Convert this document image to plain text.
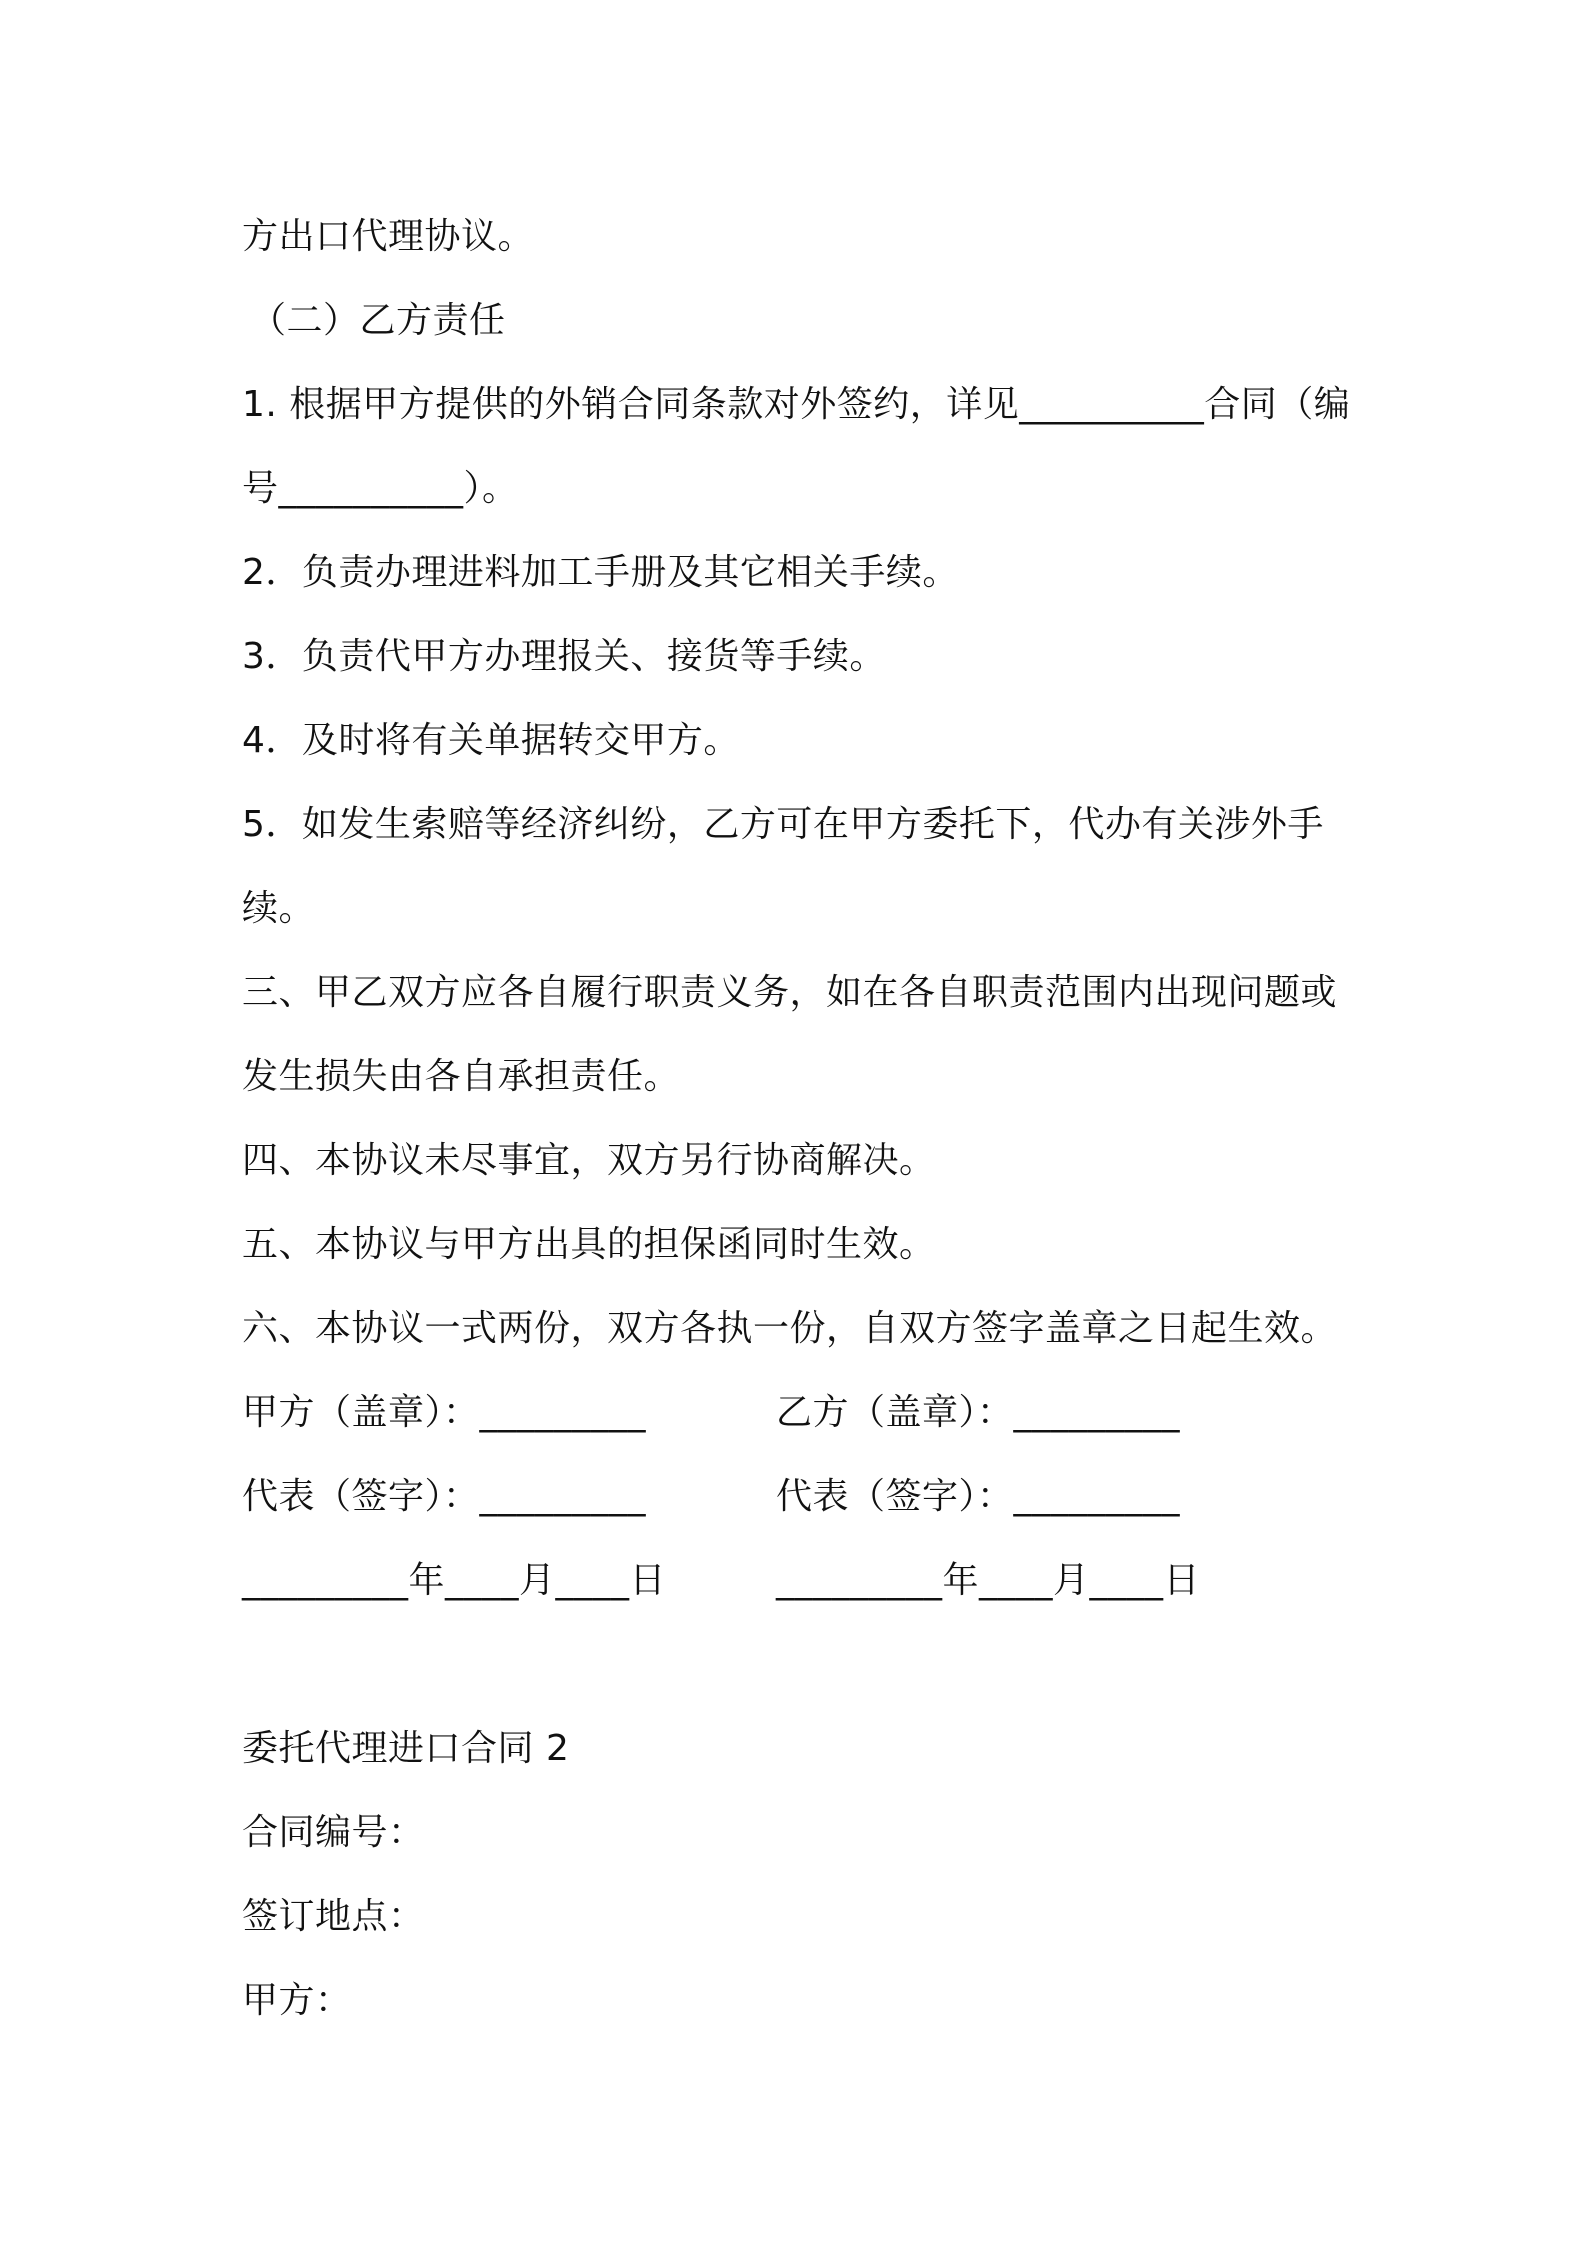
方出口代理协议。
（二）乙方责任
1. 根据甲方提供的外销合同条款对外签约，详见__________合同（编
号__________）。
2．负责办理进料加工手册及其它相关手续。
3．负责代甲方办理报关、接货等手续。
4．及时将有关单据转交甲方。
5．如发生索赔等经济纠纷，乙方可在甲方委托下，代办有关涉外手
续。
三、甲乙双方应各自履行职责义务，如在各自职责范围内出现问题或
发生损失由各自承担责任。
四、本协议未尽事宜，双方另行协商解决。
五、本协议与甲方出具的担保函同时生效。
六、本协议一式两份，双方各执一份，自双方签字盖章之日起生效。
甲方（盖章）：_________	乙方（盖章）：_________
代表（签字）：_________	代表（签字）：_________
_________年____月____日	_________年____月____日
委托代理进口合同 2
合同编号：
签订地点：
甲方：
